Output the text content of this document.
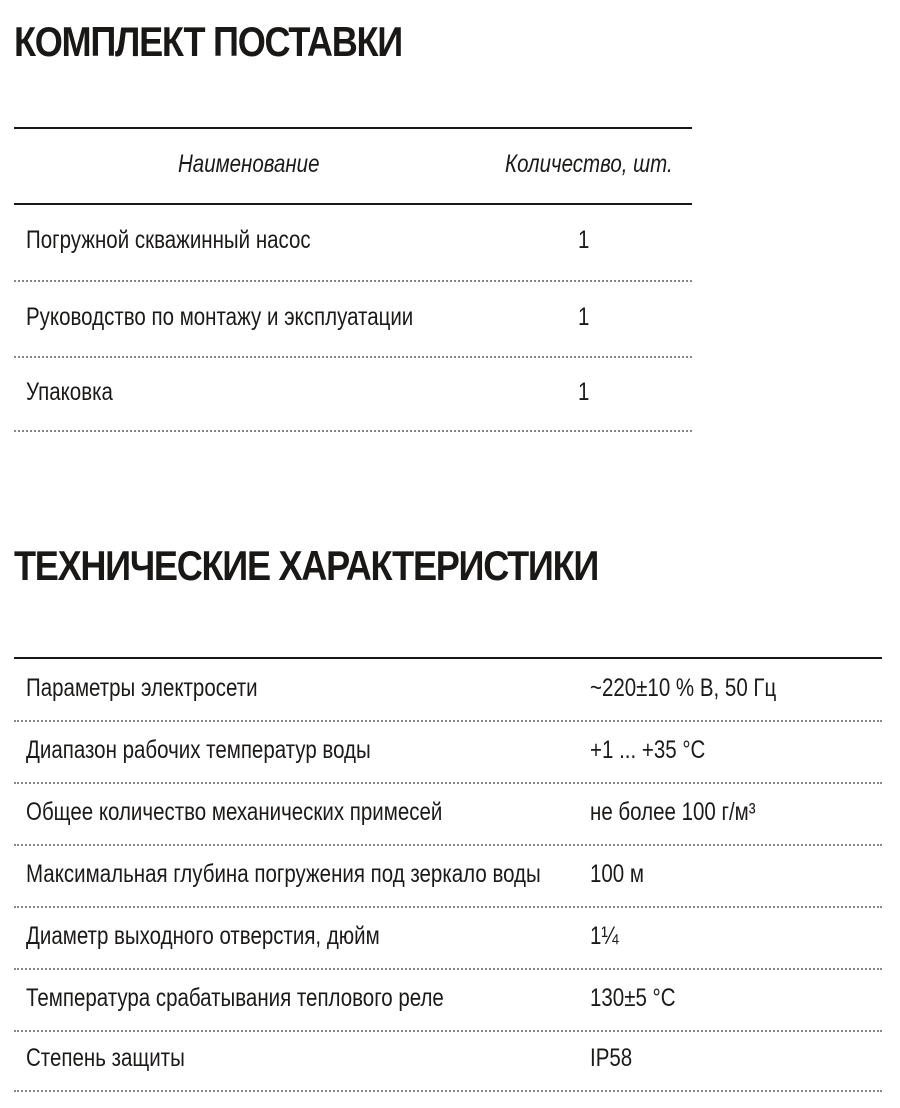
КОМПЛЕКТ ПОСТАВКИ
Наименование	Количество, шт.
Погружной скважинный насос	1
Руководство по монтажу и эксплуатации	1
Упаковка	1
ТЕХНИЧЕСКИЕ ХАРАКТЕРИСТИКИ
Параметры электросети	~220±10 % В, 50 Гц
Диапазон рабочих температур воды	+1 ... +35 °С
Общее количество механических примесей	не более 100 г/м³
Максимальная глубина погружения под зеркало воды 100 м
Диаметр выходного отверстия, дюйм	1¼
Температура срабатывания теплового реле	130±5 °С
Степень защиты	IP58
